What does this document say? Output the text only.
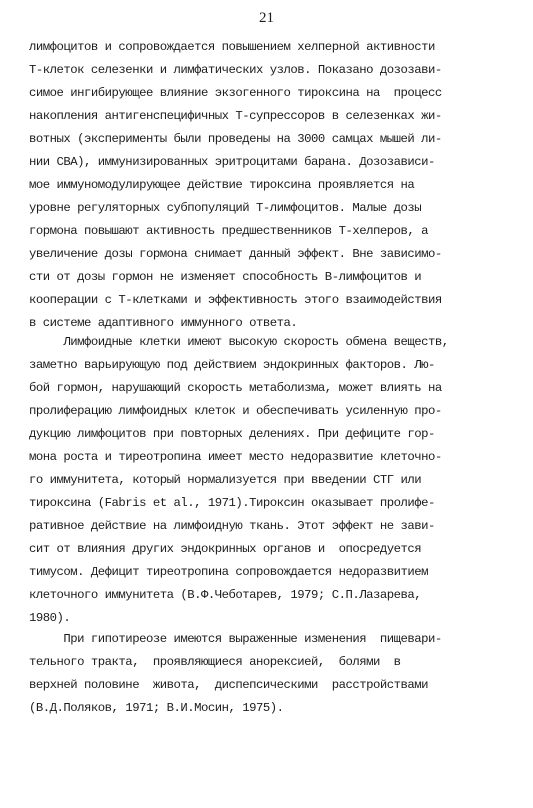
21
лимфоцитов и сопровождается повышением хелперной активности
Т-клеток селезенки и лимфатических узлов. Показано дозозави-
симое ингибирующее влияние экзогенного тироксина на  процесс
накопления антигенспецифичных Т-супрессоров в селезенках жи-
вотных (эксперименты были проведены на 3000 самцах мышей ли-
нии СВА), иммунизированных эритроцитами барана. Дозозависи-
мое иммуномодулирующее действие тироксина проявляется на
уровне регуляторных субпопуляций Т-лимфоцитов. Малые дозы
гормона повышают активность предшественников Т-хелперов, а
увеличение дозы гормона снимает данный эффект. Вне зависимо-
сти от дозы гормон не изменяет способность В-лимфоцитов и
кооперации с Т-клетками и эффективность этого взаимодействия
в системе адаптивного иммунного ответа.
Лимфоидные клетки имеют высокую скорость обмена веществ,
заметно варьирующую под действием эндокринных факторов. Лю-
бой гормон, нарушающий скорость метаболизма, может влиять на
пролиферацию лимфоидных клеток и обеспечивать усиленную про-
дукцию лимфоцитов при повторных делениях. При дефиците гор-
мона роста и тиреотропина имеет место недоразвитие клеточно-
го иммунитета, который нормализуется при введении СТГ или
тироксина (Fabris et al., 1971).Тироксин оказывает пролифе-
ративное действие на лимфоидную ткань. Этот эффект не зави-
сит от влияния других эндокринных органов и  опосредуется
тимусом. Дефицит тиреотропина сопровождается недоразвитием
клеточного иммунитета (В.Ф.Чеботарев, 1979; С.П.Лазарева,
1980).
При гипотиреозе имеются выраженные изменения  пищевари-
тельного тракта,  проявляющиеся анорексией,  болями  в
верхней половине  живота,  диспепсическими  расстройствами
(В.Д.Поляков, 1971; В.И.Мосин, 1975).
